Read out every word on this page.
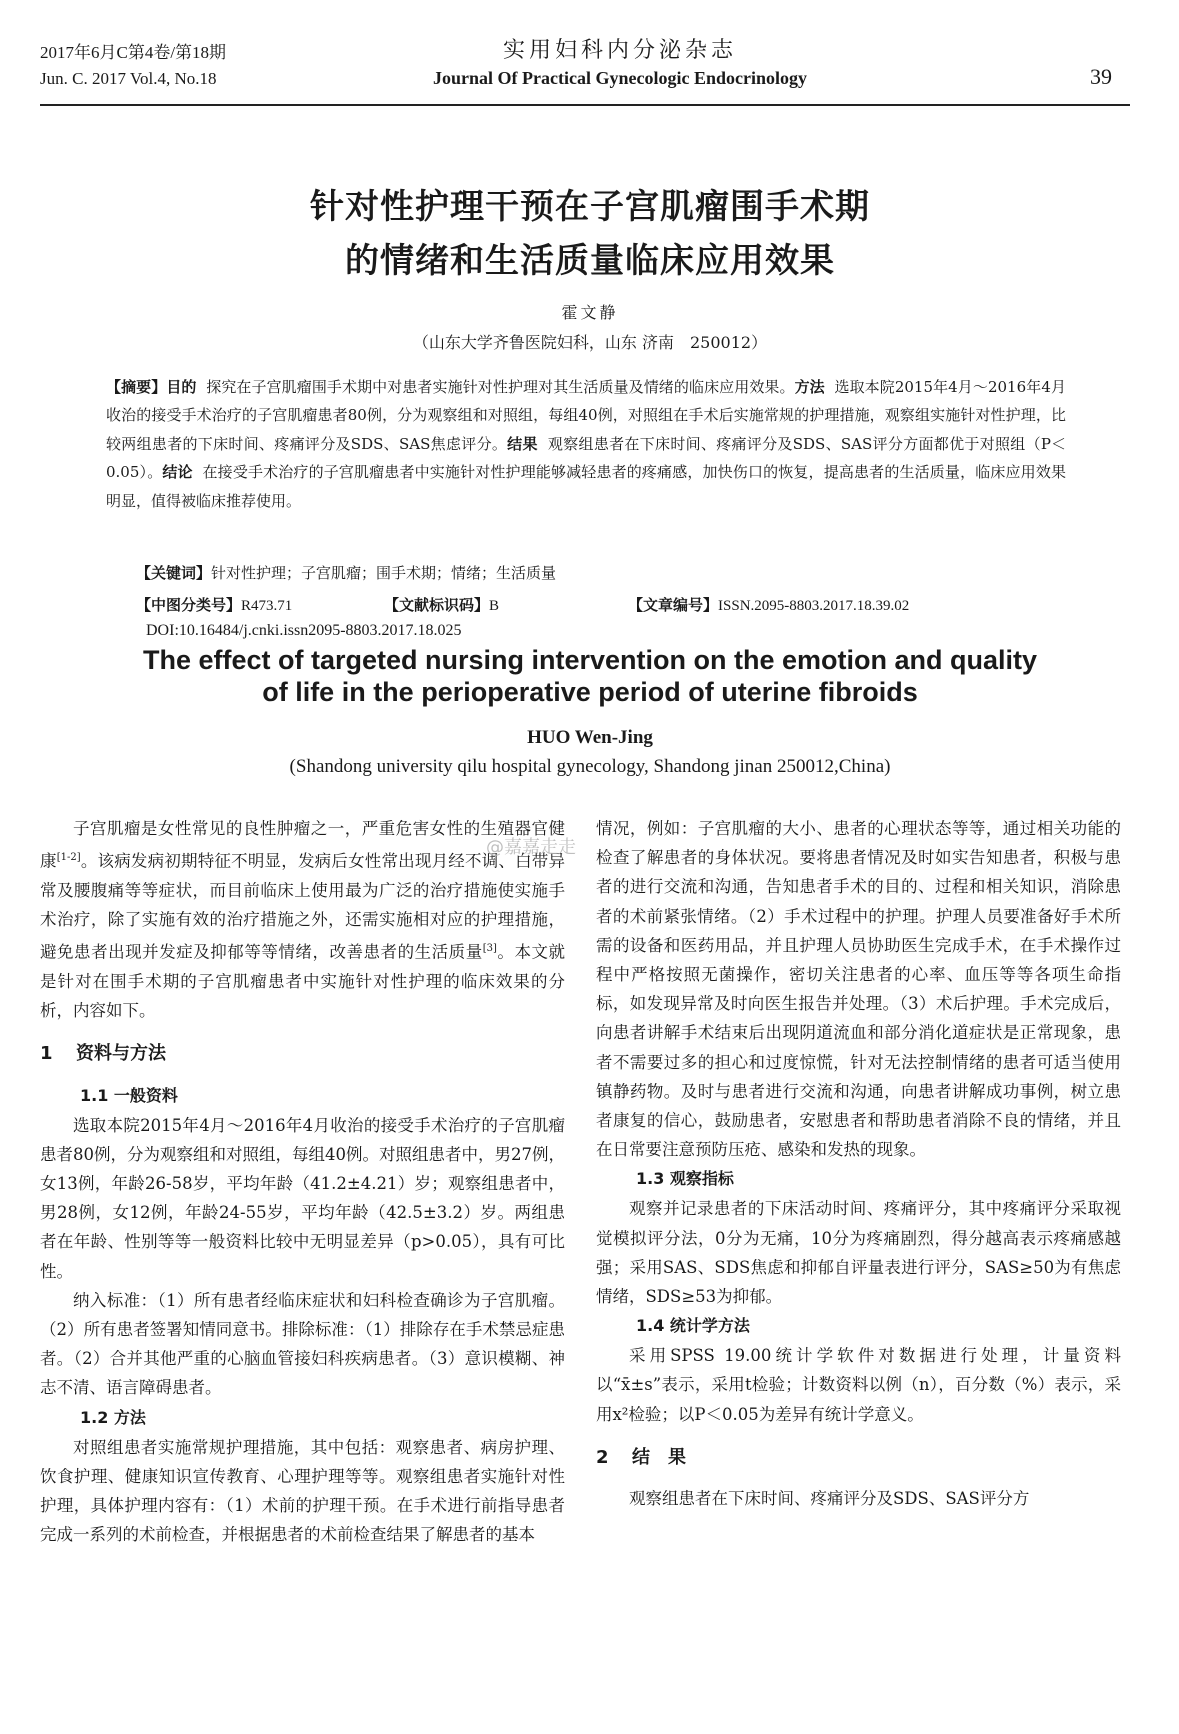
2017年6月C第4卷/第18期
Jun. C. 2017 Vol.4, No.18
实用妇科内分泌杂志
Journal Of Practical Gynecologic Endocrinology	39
针对性护理干预在子宫肌瘤围手术期
的情绪和生活质量临床应用效果
霍文静
（山东大学齐鲁医院妇科，山东 济南　250012）
【摘要】目的 探究在子宫肌瘤围手术期中对患者实施针对性护理对其生活质量及情绪的临床应用效果。方法 选取本院2015年4月～2016年4月收治的接受手术治疗的子宫肌瘤患者80例，分为观察组和对照组，每组40例，对照组在手术后实施常规的护理措施，观察组实施针对性护理，比较两组患者的下床时间、疼痛评分及SDS、SAS焦虑评分。结果 观察组患者在下床时间、疼痛评分及SDS、SAS评分方面都优于对照组（P＜0.05）。结论 在接受手术治疗的子宫肌瘤患者中实施针对性护理能够减轻患者的疼痛感，加快伤口的恢复，提高患者的生活质量，临床应用效果明显，值得被临床推荐使用。
【关键词】针对性护理；子宫肌瘤；围手术期；情绪；生活质量
【中图分类号】R473.71	【文献标识码】B	【文章编号】ISSN.2095-8803.2017.18.39.02
DOI:10.16484/j.cnki.issn2095-8803.2017.18.025
The effect of targeted nursing intervention on the emotion and quality
of life in the perioperative period of uterine fibroids
HUO Wen-Jing
(Shandong university qilu hospital gynecology, Shandong jinan 250012,China)

子宫肌瘤是女性常见的良性肿瘤之一，严重危害女性的生殖器官健康[1-2]。该病发病初期特征不明显，发病后女性常出现月经不调、白带异常及腰腹痛等等症状，而目前临床上使用最为广泛的治疗措施使实施手术治疗，除了实施有效的治疗措施之外，还需实施相对应的护理措施，避免患者出现并发症及抑郁等等情绪，改善患者的生活质量[3]。本文就是针对在围手术期的子宫肌瘤患者中实施针对性护理的临床效果的分析，内容如下。

1 资料与方法
1.1 一般资料

选取本院2015年4月～2016年4月收治的接受手术治疗的子宫肌瘤患者80例，分为观察组和对照组，每组40例。对照组患者中，男27例，女13例，年龄26-58岁，平均年龄（41.2±4.21）岁；观察组患者中，男28例，女12例，年龄24-55岁，平均年龄（42.5±3.2）岁。两组患者在年龄、性别等等一般资料比较中无明显差异（p>0.05），具有可比性。

纳入标准：（1）所有患者经临床症状和妇科检查确诊为子宫肌瘤。（2）所有患者签署知情同意书。排除标准：（1）排除存在手术禁忌症患者。（2）合并其他严重的心脑血管接妇科疾病患者。（3）意识模糊、神志不清、语言障碍患者。

1.2 方法

对照组患者实施常规护理措施，其中包括：观察患者、病房护理、饮食护理、健康知识宣传教育、心理护理等等。观察组患者实施针对性护理，具体护理内容有：（1）术前的护理干预。在手术进行前指导患者完成一系列的术前检查，并根据患者的术前检查结果了解患者的基本

情况，例如：子宫肌瘤的大小、患者的心理状态等等，通过相关功能的检查了解患者的身体状况。要将患者情况及时如实告知患者，积极与患者的进行交流和沟通，告知患者手术的目的、过程和相关知识，消除患者的术前紧张情绪。（2）手术过程中的护理。护理人员要准备好手术所需的设备和医药用品，并且护理人员协助医生完成手术，在手术操作过程中严格按照无菌操作，密切关注患者的心率、血压等等各项生命指标，如发现异常及时向医生报告并处理。（3）术后护理。手术完成后，向患者讲解手术结束后出现阴道流血和部分消化道症状是正常现象，患者不需要过多的担心和过度惊慌，针对无法控制情绪的患者可适当使用镇静药物。及时与患者进行交流和沟通，向患者讲解成功事例，树立患者康复的信心，鼓励患者，安慰患者和帮助患者消除不良的情绪，并且在日常要注意预防压疮、感染和发热的现象。

1.3 观察指标

观察并记录患者的下床活动时间、疼痛评分，其中疼痛评分采取视觉模拟评分法，0分为无痛，10分为疼痛剧烈，得分越高表示疼痛感越强；采用SAS、SDS焦虑和抑郁自评量表进行评分，SAS≥50为有焦虑情绪，SDS≥53为抑郁。

1.4 统计学方法

采用SPSS 19.00统计学软件对数据进行处理，计量资料以“x̄±s”表示，采用t检验；计数资料以例（n），百分数（%）表示，采用x²检验；以P＜0.05为差异有统计学意义。

2 结　果

观察组患者在下床时间、疼痛评分及SDS、SAS评分方

@嘉嘉走走
